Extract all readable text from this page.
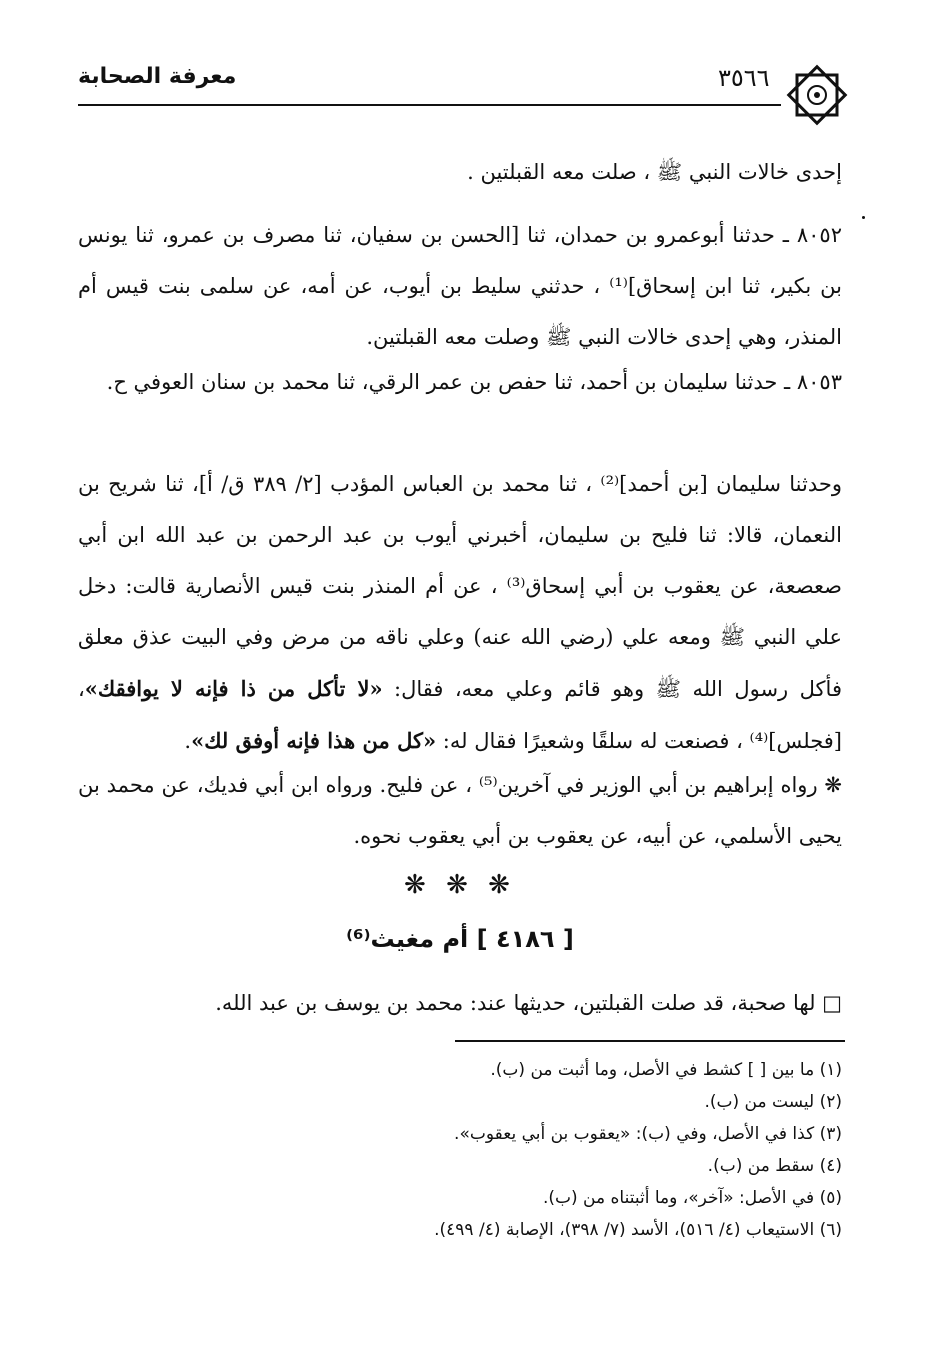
معرفة الصحابة	٣٥٦٦

إحدى خالات النبي ﷺ ، صلت معه القبلتين .

٨٠٥٢ ـ حدثنا أبوعمرو بن حمدان، ثنا [الحسن بن سفيان، ثنا مصرف بن عمرو، ثنا يونس بن بكير، ثنا ابن إسحاق]⁽¹⁾ ، حدثني سليط بن أيوب، عن أمه، عن سلمى بنت قيس أم المنذر، وهي إحدى خالات النبي ﷺ وصلت معه القبلتين.

٨٠٥٣ ـ حدثنا سليمان بن أحمد، ثنا حفص بن عمر الرقي، ثنا محمد بن سنان العوفي ح.

وحدثنا سليمان [بن أحمد]⁽²⁾ ، ثنا محمد بن العباس المؤدب [٢/ ٣٨٩ ق/ أ]، ثنا شريح بن النعمان، قالا: ثنا فليح بن سليمان، أخبرني أيوب بن عبد الرحمن بن عبد الله ابن أبي صعصعة، عن يعقوب بن أبي إسحاق⁽³⁾ ، عن أم المنذر بنت قيس الأنصارية قالت: دخل علي النبي ﷺ ومعه علي (رضي الله عنه) وعلي ناقه من مرض وفي البيت عذق معلق فأكل رسول الله ﷺ وهو قائم وعلي معه، فقال: «لا تأكل من ذا فإنه لا يوافقك»، [فجلس]⁽⁴⁾ ، فصنعت له سلقًا وشعيرًا فقال له: «كل من هذا فإنه أوفق لك».

❋ رواه إبراهيم بن أبي الوزير في آخرين⁽⁵⁾ ، عن فليح. ورواه ابن أبي فديك، عن محمد بن يحيى الأسلمي، عن أبيه، عن يعقوب بن أبي يعقوب نحوه.

❋ ❋ ❋
[ ٤١٨٦ ] أم مغيث⁽⁶⁾

□ لها صحبة، قد صلت القبلتين، حديثها عند: محمد بن يوسف بن عبد الله.

(١) ما بين [ ] كشط في الأصل، وما أثبت من (ب).
(٢) ليست من (ب).
(٣) كذا في الأصل، وفي (ب): «يعقوب بن أبي يعقوب».
(٤) سقط من (ب).
(٥) في الأصل: «آخر»، وما أثبتناه من (ب).
(٦) الاستيعاب (٤/ ٥١٦)، الأسد (٧/ ٣٩٨)، الإصابة (٤/ ٤٩٩).
